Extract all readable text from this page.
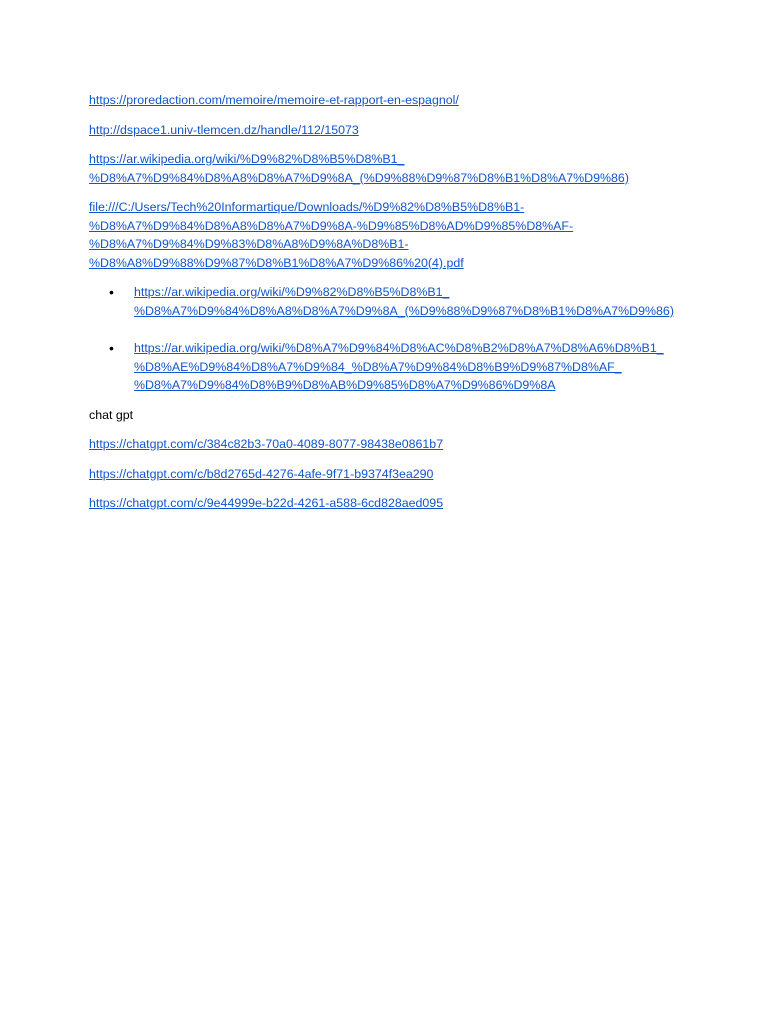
https://proredaction.com/memoire/memoire-et-rapport-en-espagnol/

http://dspace1.univ-tlemcen.dz/handle/112/15073

https://ar.wikipedia.org/wiki/%D9%82%D8%B5%D8%B1_
%D8%A7%D9%84%D8%A8%D8%A7%D9%8A_(%D9%88%D9%87%D8%B1%D8%A7%D9%86)

file:///C:/Users/Tech%20Informartique/Downloads/%D9%82%D8%B5%D8%B1-
%D8%A7%D9%84%D8%A8%D8%A7%D9%8A-%D9%85%D8%AD%D9%85%D8%AF-
%D8%A7%D9%84%D9%83%D8%A8%D9%8A%D8%B1-
%D8%A8%D9%88%D9%87%D8%B1%D8%A7%D9%86%20(4).pdf

• https://ar.wikipedia.org/wiki/%D9%82%D8%B5%D8%B1_
%D8%A7%D9%84%D8%A8%D8%A7%D9%8A_(%D9%88%D9%87%D8%B1%D8%A7%D9%86)
• https://ar.wikipedia.org/wiki/%D8%A7%D9%84%D8%AC%D8%B2%D8%A7%D8%A6%D8%B1_
%D8%AE%D9%84%D8%A7%D9%84_%D8%A7%D9%84%D8%B9%D9%87%D8%AF_
%D8%A7%D9%84%D8%B9%D8%AB%D9%85%D8%A7%D9%86%D9%8A

chat gpt

https://chatgpt.com/c/384c82b3-70a0-4089-8077-98438e0861b7

https://chatgpt.com/c/b8d2765d-4276-4afe-9f71-b9374f3ea290

https://chatgpt.com/c/9e44999e-b22d-4261-a588-6cd828aed095
